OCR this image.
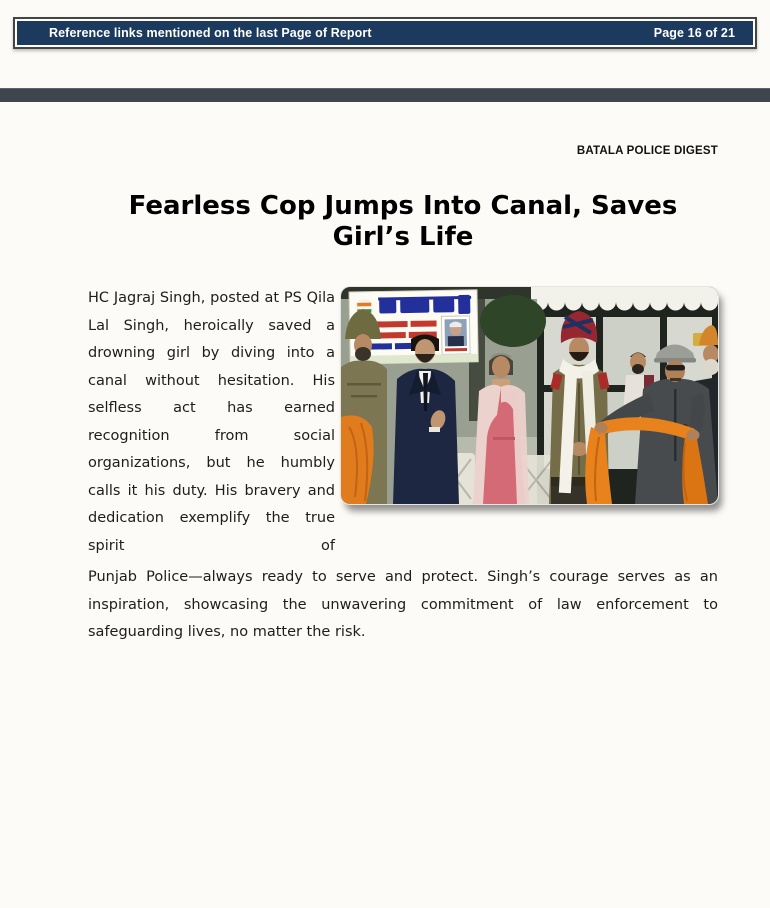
Reference links mentioned on the last Page of Report	Page 16 of 21
BATALA POLICE DIGEST
Fearless Cop Jumps Into Canal, Saves
Girl’s Life

HC Jagraj Singh, posted at PS Qila Lal Singh, heroically saved a drowning girl by diving into a canal without hesitation. His selfless act has earned recognition from social organizations, but he humbly calls it his duty. His bravery and dedication exemplify the true spirit of

Punjab Police—always ready to serve and protect. Singh’s courage serves as an inspiration, showcasing the unwavering commitment of law enforcement to safeguarding lives, no matter the risk.
